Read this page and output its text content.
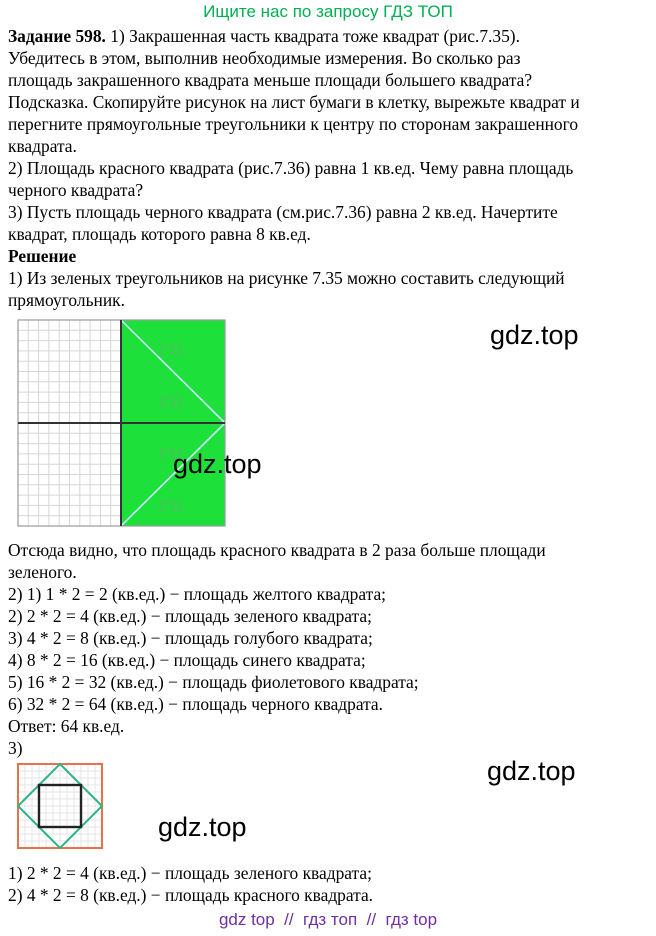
Ищите нас по запросу ГДЗ ТОП
Задание 598. 1) Закрашенная часть квадрата тоже квадрат (рис.7.35).
Убедитесь в этом, выполнив необходимые измерения. Во сколько раз
площадь закрашенного квадрата меньше площади большего квадрата?
Подсказка. Скопируйте рисунок на лист бумаги в клетку, вырежьте квадрат и
перегните прямоугольные треугольники к центру по сторонам закрашенного
квадрата.
2) Площадь красного квадрата (рис.7.36) равна 1 кв.ед. Чему равна площадь
черного квадрата?
3) Пусть площадь черного квадрата (см.рис.7.36) равна 2 кв.ед. Начертите
квадрат, площадь которого равна 8 кв.ед.
Решение
1) Из зеленых треугольников на рисунке 7.35 можно составить следующий
прямоугольник.
ru
ru
ru
ru
gdz.top
gdz.top
Отсюда видно, что площадь красного квадрата в 2 раза больше площади
зеленого.
2) 1) 1 * 2 = 2 (кв.ед.) − площадь желтого квадрата;
2) 2 * 2 = 4 (кв.ед.) − площадь зеленого квадрата;
3) 4 * 2 = 8 (кв.ед.) − площадь голубого квадрата;
4) 8 * 2 = 16 (кв.ед.) − площадь синего квадрата;
5) 16 * 2 = 32 (кв.ед.) − площадь фиолетового квадрата;
6) 32 * 2 = 64 (кв.ед.) − площадь черного квадрата.
Ответ: 64 кв.ед.
3)
gdz.top
gdz.top
1) 2 * 2 = 4 (кв.ед.) − площадь зеленого квадрата;
2) 4 * 2 = 8 (кв.ед.) − площадь красного квадрата.
gdz top  //  гдз топ  //  гдз top
